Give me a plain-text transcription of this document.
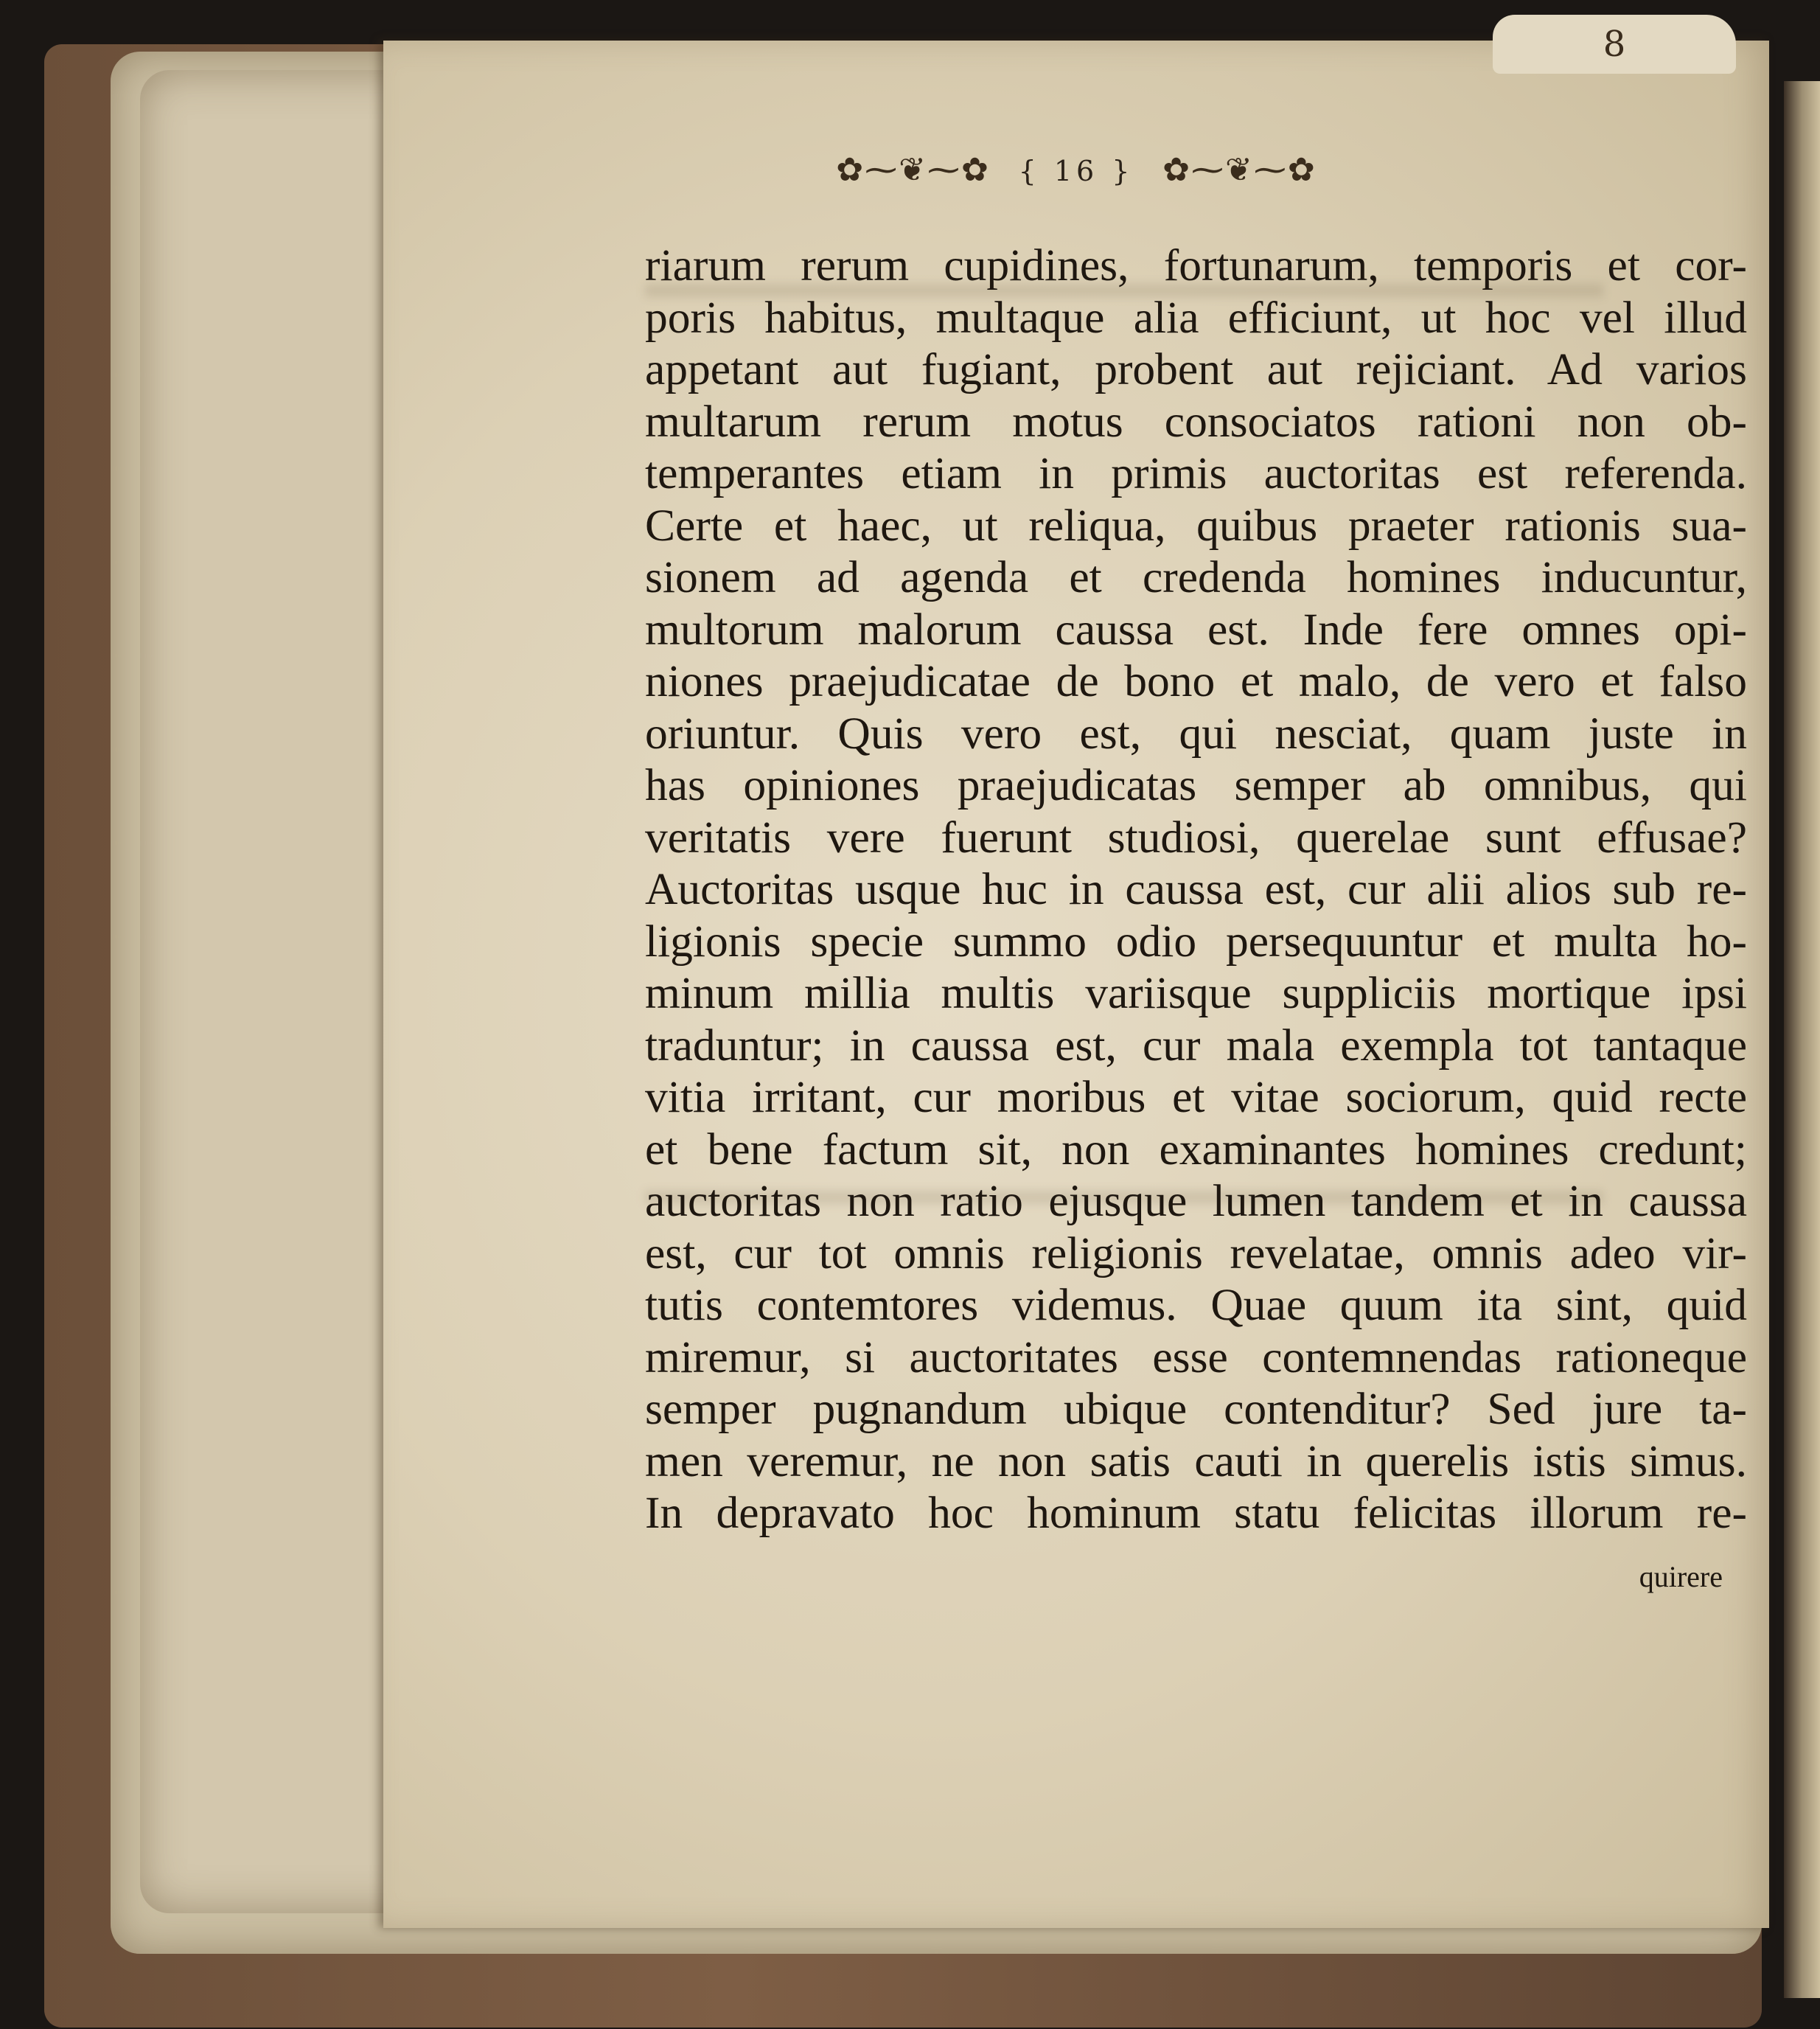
✿⁓❦⁓✿ { 16 } ✿⁓❦⁓✿
riarum rerum cupidines, fortunarum, temporis et cor-
poris habitus, multaque alia efficiunt, ut hoc vel illud
appetant aut fugiant, probent aut rejiciant. Ad varios
multarum rerum motus consociatos rationi non ob-
temperantes etiam in primis auctoritas est referenda.
Certe et haec, ut reliqua, quibus praeter rationis sua-
sionem ad agenda et credenda homines inducuntur,
multorum malorum caussa est. Inde fere omnes opi-
niones praejudicatae de bono et malo, de vero et falso
oriuntur. Quis vero est, qui nesciat, quam juste in
has opiniones praejudicatas semper ab omnibus, qui
veritatis vere fuerunt studiosi, querelae sunt effusae?
Auctoritas usque huc in caussa est, cur alii alios sub re-
ligionis specie summo odio persequuntur et multa ho-
minum millia multis variisque suppliciis mortique ipsi
traduntur; in caussa est, cur mala exempla tot tantaque
vitia irritant, cur moribus et vitae sociorum, quid recte
et bene factum sit, non examinantes homines credunt;
auctoritas non ratio ejusque lumen tandem et in caussa
est, cur tot omnis religionis revelatae, omnis adeo vir-
tutis contemtores videmus. Quae quum ita sint, quid
miremur, si auctoritates esse contemnendas rationeque
semper pugnandum ubique contenditur? Sed jure ta-
men veremur, ne non satis cauti in querelis istis simus.
In depravato hoc hominum statu felicitas illorum re-
quirere
8
